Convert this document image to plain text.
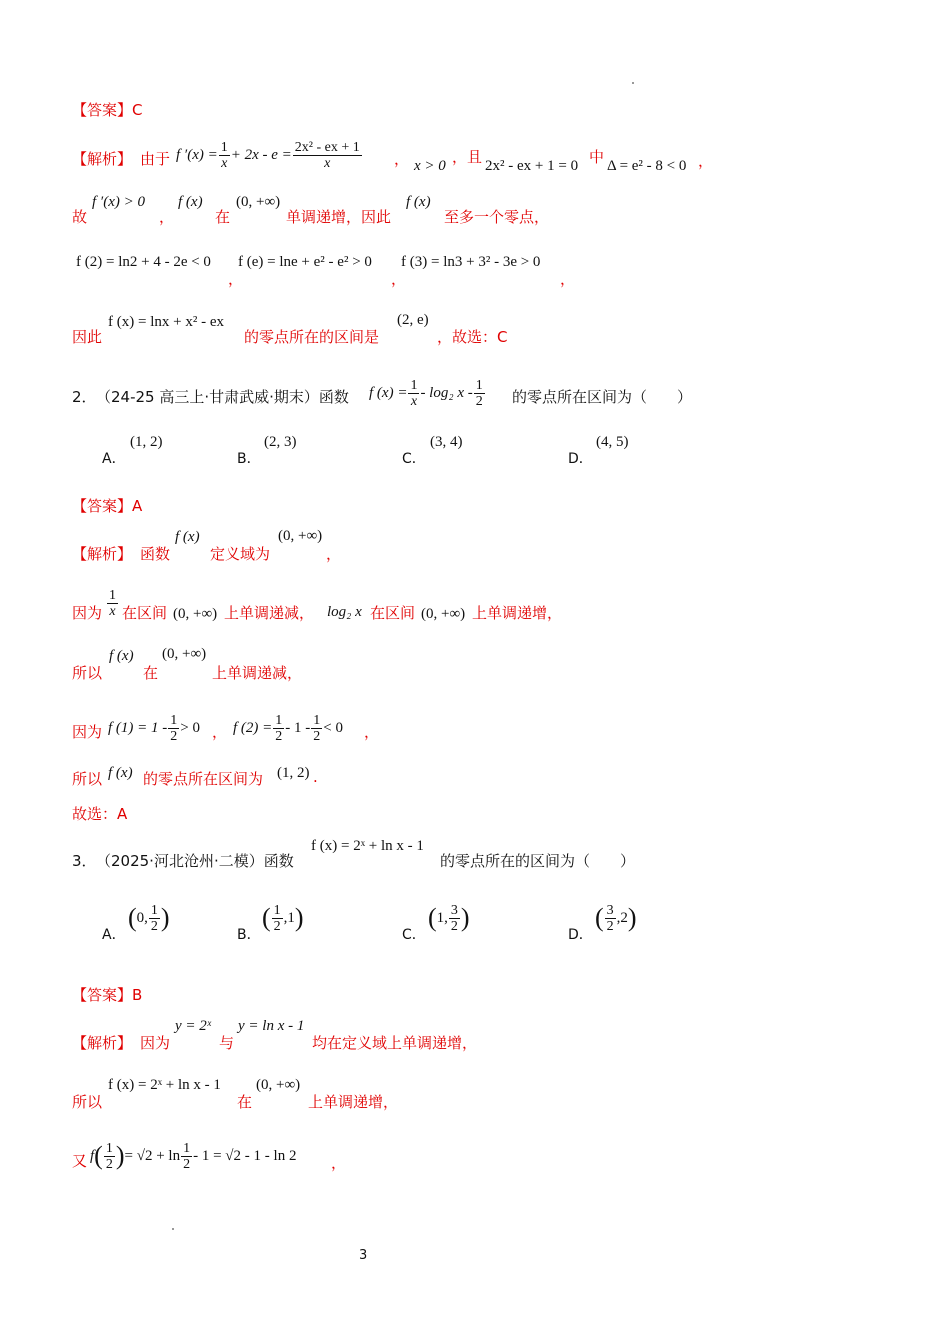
【答案】C
【解析】 由于 f $'(x) = \frac{1}{x} + 2x - e = \frac{\text{2x² - ex + 1}}{x}$ ， x > 0 ，且 2x² - ex + 1 = 0 中 Δ = e² - 8 < 0 ，
故
f ′(x) > 0
，
f (x)
在
(0, +∞)
单调递增，因此
f (x)
至多一个零点，
f (2) = ln2 + 4 - 2e < 0
，
f (e) = lne + e² - e² > 0
，
f (3) = ln3 + 3² - 3e > 0
，
因此
f (x) = lnx + x² - ex
的零点所在的区间是
(2, e)
，故选：C
2． （24-25 高三上·甘肃武威·期末）函数 f $(x) = \frac{1}{x} - \log_2$ x - $\frac{1}{2}$ 的零点所在区间为（　　）
A．
(1, 2)
B．
(2, 3)
C．
(3, 4)
D．
(4, 5)
【答案】A
【解析】 函数
f (x)
定义域为
(0, +∞)
，
因为 $\frac{1}{x}$ 在区间 (0, +∞) 上单调递减， log₂ x 在区间 (0, +∞) 上单调递增，
所以
f (x)
在
(0, +∞)
上单调递减，
因为 f $(1) = 1 - \frac{1}{2} > 0$ ， f $(2) = \frac{1}{2} - 1 - \frac{1}{2} < 0$ ，
所以 f (x) 的零点所在区间为 (1, 2) .
故选：A
3． （2025·河北沧州·二模）函数
f (x) = 2ˣ + ln x - 1
的零点所在的区间为（　　）
A．
( 0, $\frac{1}{2}$ )
B．
( $\frac{1}{2} ,1$ )
C．
( 1, $\frac{3}{2}$ )
D．
( $\frac{3}{2} ,2$ )
【答案】B
【解析】 因为
y = 2ˣ
与
y = ln x - 1
均在定义域上单调递增，
所以
f (x) = 2ˣ + ln x - 1
在
(0, +∞)
上单调递增，
又 f ( $\frac{1}{2}$ ) = $√2 + \ln \frac{1}{2} - 1 = √2 - 1 - \ln 2$ ，
3
